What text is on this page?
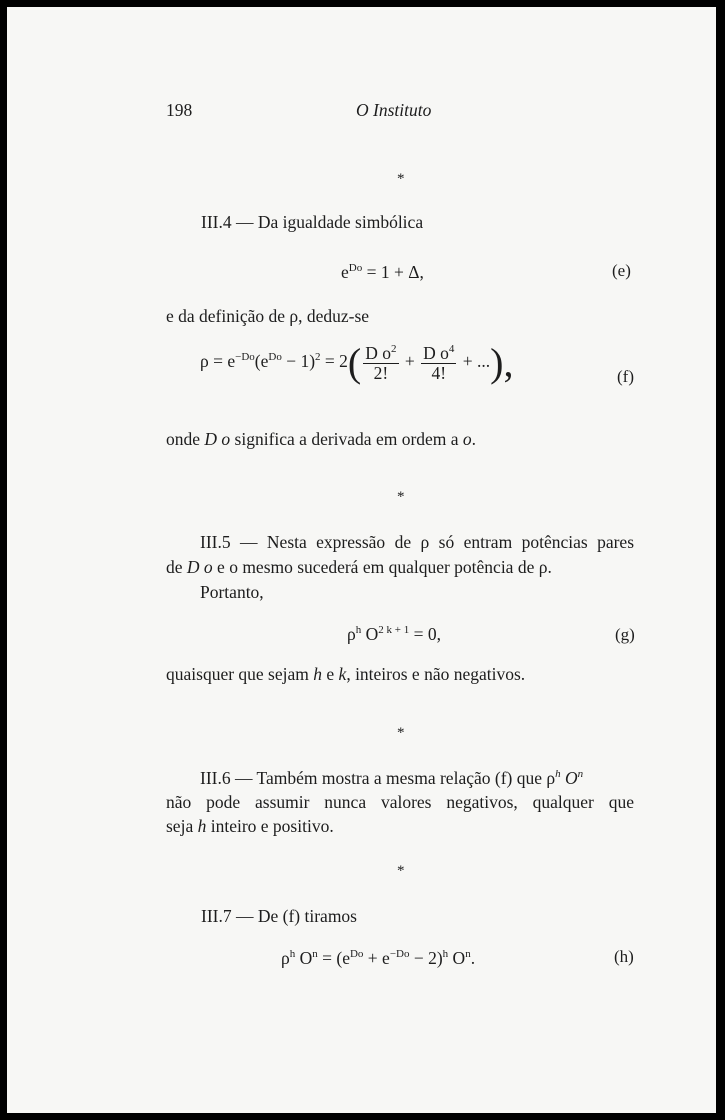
198	O Instituto
*
III.4 — Da igualdade simbólica
$e^{Do} = 1 + \Delta$,	(e)
e da definição de ρ, deduz-se
$\rho = e^{-Do}(e^{Do} - 1)^2 = 2( \frac{D o^2}{2!} + \frac{D o^4}{4!}$ + ...),	(f)
onde D o significa a derivada em ordem a o.
*
III.5 — Nesta expressão de ρ só entram potências pares
de D o e o mesmo sucederá em qualquer potência de ρ.
Portanto,
$\rho^h$ $O^{2 k + 1} = 0$,	(g)
quaisquer que sejam h e k, inteiros e não negativos.
*
III.6 — Também mostra a mesma relação (f) que $\rho^h$ $O^n$
não pode assumir nunca valores negativos, qualquer que
seja h inteiro e positivo.
*
III.7 — De (f) tiramos
$\rho^h$ $O^n = (e^{Do} + e^{-Do} - 2)^h$ $O^n$.	(h)
